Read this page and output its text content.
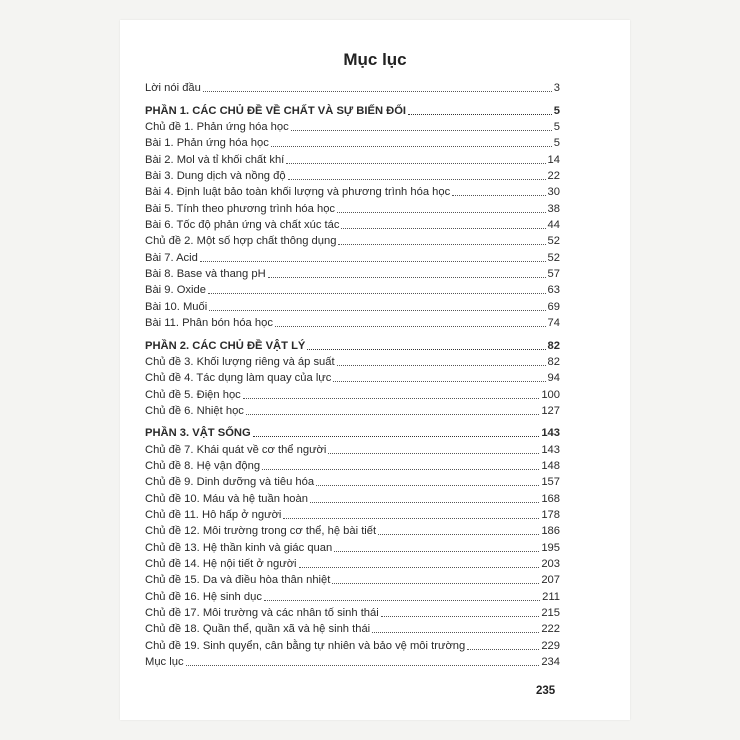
Mục lục
Lời nói đầu	3
PHẦN 1. CÁC CHỦ ĐỀ VỀ CHẤT VÀ SỰ BIẾN ĐỔI	5
Chủ đề 1. Phản ứng hóa học	5
Bài 1. Phản ứng hóa học	5
Bài 2. Mol và tỉ khối chất khí	14
Bài 3. Dung dịch và nồng độ	22
Bài 4. Định luật bảo toàn khối lượng và phương trình hóa học	30
Bài 5. Tính theo phương trình hóa học	38
Bài 6. Tốc độ phản ứng và chất xúc tác	44
Chủ đề 2. Một số hợp chất thông dụng	52
Bài 7. Acid	52
Bài 8. Base và thang pH	57
Bài 9. Oxide	63
Bài 10. Muối	69
Bài 11. Phân bón hóa học	74
PHẦN 2. CÁC CHỦ ĐỀ VẬT LÝ	82
Chủ đề 3. Khối lượng riêng và áp suất	82
Chủ đề 4. Tác dụng làm quay của lực	94
Chủ đề 5. Điện học	100
Chủ đề 6. Nhiệt học	127
PHẦN 3. VẬT SỐNG	143
Chủ đề 7. Khái quát về cơ thể người	143
Chủ đề 8. Hệ vận động	148
Chủ đề 9. Dinh dưỡng và tiêu hóa	157
Chủ đề 10. Máu và hệ tuần hoàn	168
Chủ đề 11. Hô hấp ở người	178
Chủ đề 12. Môi trường trong cơ thể, hệ bài tiết	186
Chủ đề 13. Hệ thần kinh và giác quan	195
Chủ đề 14. Hệ nội tiết ở người	203
Chủ đề 15. Da và điều hòa thân nhiệt	207
Chủ đề 16. Hệ sinh dục	211
Chủ đề 17. Môi trường và các nhân tố sinh thái	215
Chủ đề 18. Quần thể, quần xã và hệ sinh thái	222
Chủ đề 19. Sinh quyển, cân bằng tự nhiên và bảo vệ môi trường	229
Mục lục	234
235
